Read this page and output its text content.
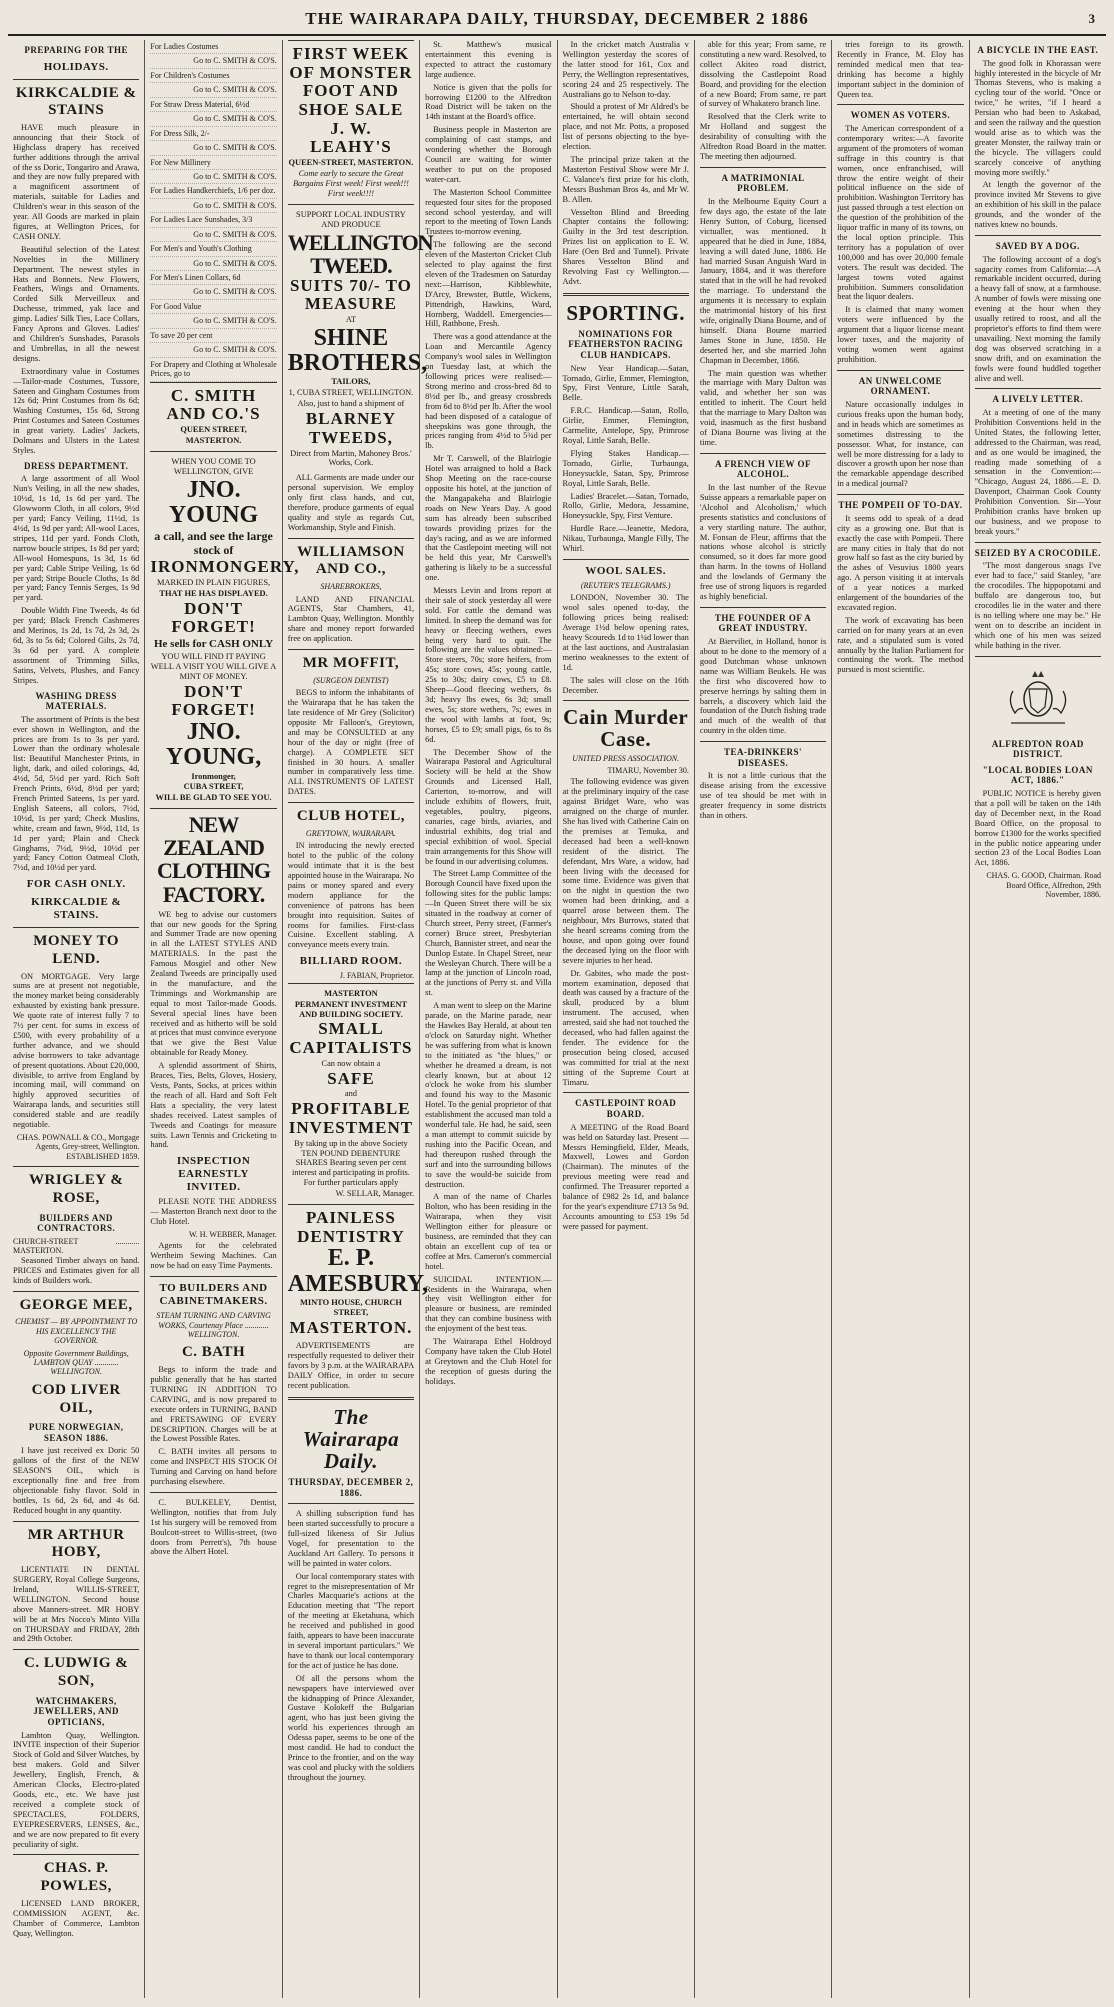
THE WAIRARAPA DAILY, THURSDAY, DECEMBER 2 1886	3
PREPARING FOR THE
HOLIDAYS.
KIRKCALDIE & STAINS

HAVE much pleasure in announcing that their Stock of Highclass drapery has received further additions through the arrival of the ss Doric, Tongariro and Arawa, and they are now fully prepared with a magnificent assortment of materials, suitable for Ladies and Children's wear in this season of the year. All Goods are marked in plain figures, at Wellington Prices, for CASH ONLY.

Beautiful selection of the Latest Novelties in the Millinery Department. The newest styles in Hats and Bonnets. New Flowers, Feathers, Wings and Ornaments. Corded Silk Merveilleux and Duchesse, trimmed, yak lace and gimp. Ladies' Silk Ties, Lace Collars, Fancy Aprons and Gloves. Ladies' and Children's Sunshades, Parasols and Umbrellas, in all the newest designs.

Extraordinary value in Costumes—Tailor-made Costumes, Tussore, Sateen and Gingham Costumes from 12s 6d; Print Costumes from 8s 6d; Washing Costumes, 15s 6d, Strong Print Costumes and Sateen Costumes in great variety. Ladies' Jackets, Dolmans and Ulsters in the Latest Styles.

DRESS DEPARTMENT.

A large assortment of all Wool Nun's Veiling, in all the new shades, 10½d, 1s 1d, 1s 6d per yard. The Glowworm Cloth, in all colors, 9½d per yard; Fancy Veiling, 11½d, 1s 4½d, 1s 9d per yard; All-wool Laces, stripes, 11d per yard. Fonds Cloth, narrow boucle stripes, 1s 8d per yard; All-wool Homespuns, 1s 3d, 1s 6d per yard; Cable Stripe Veiling, 1s 6d per yard; Stripe Boucle Cloths, 1s 8d per yard; Fancy Tennis Serges, 1s 9d per yard.

Double Width Fine Tweeds, 4s 6d per yard; Black French Cashmeres and Merinos, 1s 2d, 1s 7d, 2s 3d, 2s 6d, 3s to 5s 6d; Colored Gilts, 2s 7d, 3s 6d per yard. A complete assortment of Trimming Silks, Satins, Velvets, Plushes, and Fancy Stripes.

WASHING DRESS MATERIALS.

The assortment of Prints is the best ever shown in Wellington, and the prices are from 1s to 3s per yard. Lower than the ordinary wholesale list: Beautiful Manchester Prints, in light, dark, and oiled colorings, 4d, 4½d, 5d, 5½d per yard. Rich Soft French Prints, 6½d, 8½d per yard; French Printed Sateens, 1s per yard. English Sateens, all colors, 7½d, 10½d, 1s per yard; Check Muslins, white, cream and fawn, 9½d, 11d, 1s 1d per yard; Plain and Check Ginghams, 7½d, 9½d, 10½d per yard; Fancy Cotton Oatmeal Cloth, 7½d, and 10½d per yard.

FOR CASH ONLY.
KIRKCALDIE & STAINS.
MONEY TO LEND.

ON MORTGAGE. Very large sums are at present not negotiable, the money market being considerably exhausted by existing bank pressure. We quote rate of interest fully 7 to 7½ per cent. for sums in excess of £500, with every probability of a further advance, and we should advise borrowers to take advantage of present quotations. About £20,000, divisible, to arrive from England by incoming mail, will command on highly approved securities of Wairarapa lands, and securities still considered stable and are readily negotiable.

CHAS. POWNALL & CO., Mortgage Agents, Grey-street, Wellington. ESTABLISHED 1859.
WRIGLEY & ROSE,
BUILDERS AND CONTRACTORS.
CHURCH-STREET ............ MASTERTON.

Seasoned Timber always on hand. PRICES and Estimates given for all kinds of Builders work.

GEORGE MEE,
CHEMIST — BY APPOINTMENT TO HIS EXCELLENCY THE GOVERNOR.
Opposite Government Buildings, LAMBTON QUAY ............ WELLINGTON.
COD LIVER OIL,
PURE NORWEGIAN, SEASON 1886.

I have just received ex Doric 50 gallons of the first of the NEW SEASON'S OIL, which is exceptionally fine and free from objectionable fishy flavor. Sold in bottles, 1s 6d, 2s 6d, and 4s 6d. Reduced bought in any quantity.

MR ARTHUR HOBY,

LICENTIATE IN DENTAL SURGERY, Royal College Surgeons, Ireland, WILLIS-STREET, WELLINGTON. Second house above Manners-street. MR HOBY will be at Mrs Nocco's Minto Villa on THURSDAY and FRIDAY, 28th and 29th October.

C. LUDWIG & SON,
WATCHMAKERS, JEWELLERS, AND OPTICIANS,

Lambton Quay, Wellington. INVITE inspection of their Superior Stock of Gold and Silver Watches, by best makers. Gold and Silver Jewellery, English, French, & American Clocks, Electro-plated Goods, etc., etc. We have just received a complete stock of SPECTACLES, FOLDERS, EYEPRESERVERS, LENSES, &c., and we are now prepared to fit every peculiarity of sight.

CHAS. P. POWLES,

LICENSED LAND BROKER, COMMISSION AGENT, &c. Chamber of Commerce, Lambton Quay, Wellington.

For Ladies Costumes
Go to C. SMITH & CO'S.
For Children's Costumes
Go to C. SMITH & CO'S.
For Straw Dress Material, 6½d
Go to C. SMITH & CO'S.
For Dress Silk, 2/-
Go to C. SMITH & CO'S.
For New Millinery
Go to C. SMITH & CO'S.
For Ladies Handkerchiefs, 1/6 per doz.
Go to C. SMITH & CO'S.
For Ladies Lace Sunshades, 3/3
Go to C. SMITH & CO'S.
For Men's and Youth's Clothing
Go to C. SMITH & CO'S.
For Men's Linen Collars, 6d
Go to C. SMITH & CO'S.
For Good Value
Go to C. SMITH & CO'S.
To save 20 per cent
Go to C. SMITH & CO'S.
For Drapery and Clothing at Wholesale Prices, go to
C. SMITH AND CO.'S
QUEEN STREET,
MASTERTON.
WHEN YOU COME TO WELLINGTON, GIVE
JNO. YOUNG
a call, and see the large stock of
IRONMONGERY,
MARKED IN PLAIN FIGURES,
THAT HE HAS DISPLAYED.
DON'T FORGET!
He sells for CASH ONLY
YOU WILL FIND IT PAYING WELL A VISIT YOU WILL GIVE A MINT OF MONEY.
DON'T FORGET!
JNO. YOUNG,
Ironmonger,
CUBA STREET,
WILL BE GLAD TO SEE YOU.
NEW ZEALAND
CLOTHING FACTORY.

WE beg to advise our customers that our new goods for the Spring and Summer Trade are now opening in all the LATEST STYLES AND MATERIALS. In the past the Famous Mosgiel and other New Zealand Tweeds are principally used in the manufacture, and the Trimmings and Workmanship are equal to most Tailor-made Goods. Several special lines have been received and as hitherto will be sold at prices that must convince everyone that we give the Best Value obtainable for Ready Money.

A splendid assortment of Shirts, Braces, Ties, Belts, Gloves, Hosiery, Vests, Pants, Socks, at prices within the reach of all. Hard and Soft Felt Hats a speciality, the very latest shades received. Latest samples of Tweeds and Coatings for measure suits. Lawn Tennis and Cricketing to hand.

INSPECTION EARNESTLY INVITED.

PLEASE NOTE THE ADDRESS— Masterton Branch next door to the Club Hotel.

W. H. WEBBER, Manager.

Agents for the celebrated Wertheim Sewing Machines. Can now be had on easy Time Payments.

TO BUILDERS AND CABINETMAKERS.
STEAM TURNING AND CARVING WORKS, Courtenay Place ............ WELLINGTON.
C. BATH

Begs to inform the trade and public generally that he has started TURNING IN ADDITION TO CARVING, and is now prepared to execute orders in TURNING, BAND and FRETSAWING OF EVERY DESCRIPTION. Charges will be at the Lowest Possible Rates.

C. BATH invites all persons to come and INSPECT HIS STOCK Of Turning and Carving on hand before purchasing elsewhere.

C. BULKELEY, Dentist, Wellington, notifies that from July 1st his surgery will be removed from Boulcott-street to Willis-street, (two doors from Perrett's), 7th house above the Albert Hotel.

FIRST WEEK OF MONSTER FOOT AND SHOE SALE
J. W. LEAHY'S
QUEEN-STREET, MASTERTON.
Come early to secure the Great Bargains First week! First week!!! First week!!!!
SUPPORT LOCAL INDUSTRY AND PRODUCE
WELLINGTON TWEED.
SUITS 70/- TO MEASURE
AT
SHINE BROTHERS,
TAILORS,
1, CUBA STREET, WELLINGTON.
Also, just to hand a shipment of
BLARNEY TWEEDS,
Direct from Martin, Mahoney Bros.' Works, Cork.

ALL Garments are made under our personal supervision. We employ only first class hands, and cut, therefore, produce garments of equal quality and style as regards Cut, Workmanship, Style and Finish.

WILLIAMSON AND CO.,
SHAREBROKERS,

LAND AND FINANCIAL AGENTS, Star Chambers, 41, Lambton Quay, Wellington. Monthly share and money report forwarded free on application.

MR MOFFIT,
(SURGEON DENTIST)

BEGS to inform the inhabitants of the Wairarapa that he has taken the late residence of Mr Grey (Solicitor) opposite Mr Falloon's, Greytown, and may be CONSULTED at any hour of the day or night (free of charge). A COMPLETE SET finished in 30 hours. A smaller number in comparatively less time. ALL INSTRUMENTS OF LATEST DATES.

CLUB HOTEL,
GREYTOWN, WAIRARAPA.

IN introducing the newly erected hotel to the public of the colony would intimate that it is the best appointed house in the Wairarapa. No pains or money spared and every modern appliance for the convenience of patrons has been brought into requisition. Suites of rooms for families. First-class Cuisine. Excellent stabling. A conveyance meets every train.

BILLIARD ROOM.
J. FABIAN, Proprietor.
MASTERTON
PERMANENT INVESTMENT AND BUILDING SOCIETY.
SMALL CAPITALISTS
Can now obtain a
SAFE
and
PROFITABLE INVESTMENT
By taking up in the above Society TEN POUND DEBENTURE SHARES Bearing seven per cent interest and participating in profits. For further particulars apply
W. SELLAR, Manager.
PAINLESS DENTISTRY
E. P. AMESBURY,
MINTO HOUSE, CHURCH STREET,
MASTERTON.

ADVERTISEMENTS are respectfully requested to deliver their favors by 3 p.m. at the WAIRARAPA DAILY Office, in order to secure recent publication.

The Wairarapa Daily.
THURSDAY, DECEMBER 2, 1886.

A shilling subscription fund has been started successfully to procure a full-sized likeness of Sir Julius Vogel, for presentation to the Auckland Art Gallery. To persons it will be painted in water colors.

Our local contemporary states with regret to the misrepresentation of Mr Charles Macquarie's actions at the Education meeting that "The report of the meeting at Eketahuna, which he received and published in good faith, appears to have been inaccurate in several important particulars." We have to thank our local contemporary for the act of justice he has done.

Of all the persons whom the newspapers have interviewed over the kidnapping of Prince Alexander, Gustave Kolokeff the Bulgarian agent, who has just been giving the world his experiences through an Odessa paper, seems to be one of the most candid. He had to conduct the Prince to the frontier, and on the way was cool and plucky with the soldiers throughout the journey.

St. Matthew's musical entertainment this evening is expected to attract the customary large audience.

Notice is given that the polls for borrowing £1200 to the Alfredton Road District will be taken on the 14th instant at the Board's office.

Business people in Masterton are complaining of cast stamps, and wondering whether the Borough Council are waiting for winter weather to put on the proposed water-cart.

The Masterton School Committee requested four sites for the proposed second school yesterday, and will report to the meeting of Town Lands Trustees to-morrow evening.

The following are the second eleven of the Masterton Cricket Club selected to play against the first eleven of the Tradesmen on Saturday next:—Harrison, Kibblewhite, D'Arcy, Brewster, Buttle, Wickens, Pittendrigh, Hawkins, Ward, Hornberg, Waddell. Emergencies—Hill, Rathbone, Fresh.

There was a good attendance at the Loan and Mercantile Agency Company's wool sales in Wellington on Tuesday last, at which the following prices were realised:—Strong merino and cross-bred 8d to 8½d per lb., and greasy crossbreds from 6d to 8½d per lb. After the wool had been disposed of a catalogue of sheepskins was gone through, the prices ranging from 4½d to 5¾d per lb.

Mr T. Carswell, of the Blairlogie Hotel was arraigned to hold a Back Shop Meeting on the race-course opposite his hotel, at the junction of the Mangapakeha and Blairlogie roads on New Years Day. A good sum has already been subscribed towards providing prizes for the day's racing, and as we are informed that the Castlepoint meeting will not be held this year, Mr Carswell's gathering is likely to be a successful one.

Messrs Levin and Irons report at their sale of stock yesterday all were sold. For cattle the demand was limited. In sheep the demand was for heavy or fleecing wethers, ewes being very hard to quit. The following are the values obtained:—Store steers, 70s; store heifers, from 45s; store cows, 45s; young cattle, 25s to 30s; dairy cows, £5 to £8. Sheep—Good fleecing wethers, 8s 3d; heavy lbs ewes, 6s 3d; small ewes, 5s; store wethers, 7s; ewes in the wool with lambs at foot, 9s; horses, £5 to £9; small pigs, 6s to 8s 6d.

The December Show of the Wairarapa Pastoral and Agricultural Society will be held at the Show Grounds and Licensed Hall, Carterton, to-morrow, and will include exhibits of flowers, fruit, vegetables, poultry, pigeons, canaries, cage birds, aviaries, and industrial exhibits, dog trial and special exhibition of wool. Special train arrangements for this Show will be found in our advertising columns.

The Street Lamp Committee of the Borough Council have fixed upon the following sites for the public lamps:—In Queen Street there will be six situated in the roadway at corner of Church street, Perry street, (Farmer's corner) Bruce street, Presbyterian Church, Bannister street, and near the Dunlop Estate. In Chapel Street, near the Wesleyan Church. There will be a lamp at the junction of Lincoln road, at the junctions of Perry st. and Villa st.

A man went to sleep on the Marine parade, on the Marine parade, near the Hawkes Bay Herald, at about ten o'clock on Saturday night. Whether he was suffering from what is known to the initiated as "the blues," or whether he dreamed a dream, is not clearly known, but at about 12 o'clock he woke from his slumber and found his way to the Masonic Hotel. To the genial proprietor of that establishment the accused man told a wonderful tale. He had, he said, seen a man attempt to commit suicide by rushing into the Pacific Ocean, and had thereupon rushed through the surf and into the surrounding billows to save the would-be suicide from destruction.

A man of the name of Charles Bolton, who has been residing in the Wairarapa, when they visit Wellington either for pleasure or business, are reminded that they can obtain an excellent cup of tea or coffee at Mrs. Cameron's commercial hotel.

SUICIDAL INTENTION.—Residents in the Wairarapa, when they visit Wellington either for pleasure or business, are reminded that they can combine business with the enjoyment of the best teas.

The Wairarapa Ethel Holdroyd Company have taken the Club Hotel at Greytown and the Club Hotel for the reception of guests during the holidays.

In the cricket match Australia v Wellington yesterday the scores of the latter stood for 161, Cox and Perry, the Wellington representatives, scoring 24 and 25 respectively. The Australians go to Nelson to-day.

Should a protest of Mr Aldred's be entertained, he will obtain second place, and not Mr. Potts, a proposed list of persons objecting to the bye-election.

The principal prize taken at the Masterton Festival Show were Mr J. C. Valance's first prize for his cloth, Messrs Bushman Bros 4s, and Mr W. B. Allen.

Vesselton Blind and Breeding Chapter contains the following: Guilty in the 3rd test description. Prizes list on application to E. W. Hare (Oen Brd and Tunnel). Private Shares Vesselton Blind and Revolving Fast cy Wellington.—Advt.

SPORTING.
NOMINATIONS FOR FEATHERSTON RACING CLUB HANDICAPS.

New Year Handicap.—Satan, Tornado, Girlie, Emmer, Flemington, Spy, First Venture, Little Sarah, Belle.

F.R.C. Handicap.—Satan, Rollo, Girlie, Emmer, Flemington, Carmelite, Antelope, Spy, Primrose Royal, Little Sarah, Belle.

Flying Stakes Handicap.—Tornado, Girlie, Turbaunga, Honeysuckle, Satan, Spy, Primrose Royal, Little Sarah, Belle.

Ladies' Bracelet.—Satan, Tornado, Rollo, Girlie, Medora, Jessamine, Honeysuckle, Spy, First Venture.

Hurdle Race.—Jeanette, Medora, Nikau, Turbaunga, Mangle Filly, The Whirl.

WOOL SALES.
(REUTER'S TELEGRAMS.)

LONDON, November 30. The wool sales opened to-day, the following prices being realised: Average 1½d below opening rates, heavy Scoureds 1d to 1¼d lower than at the last auctions, and Australasian merino weaknesses to the extent of 1d.

The sales will close on the 16th December.

Cain Murder Case.
UNITED PRESS ASSOCIATION.
TIMARU, November 30.

The following evidence was given at the preliminary inquiry of the case against Bridget Ware, who was arraigned on the charge of murder. She has lived with Catherine Cain on the premises at Temuka, and deceased had been a well-known resident of the district. The defendant, Mrs Ware, a widow, had been living with the deceased for some time. Evidence was given that on the night in question the two women had been drinking, and a quarrel arose between them. The neighbour, Mrs Burrows, stated that she heard screams coming from the house, and upon going over found the deceased lying on the floor with severe injuries to her head.

Dr. Gabites, who made the post-mortem examination, deposed that death was caused by a fracture of the skull, produced by a blunt instrument. The accused, when arrested, said she had not touched the deceased, who had fallen against the fender. The evidence for the prosecution being closed, accused was committed for trial at the next sitting of the Supreme Court at Timaru.

CASTLEPOINT ROAD BOARD.

A MEETING of the Road Board was held on Saturday last. Present — Messrs Hemingfield, Elder, Meads, Maxwell, Lowes and Gordon (Chairman). The minutes of the previous meeting were read and confirmed. The Treasurer reported a balance of £982 2s 1d, and balance for the year's expenditure £713 5s 9d. Accounts amounting to £53 19s 5d were passed for payment.

able for this year; From same, re constituting a new ward. Resolved, to collect Akiteo road district, dissolving the Castlepoint Road Board, and providing for the election of a new Board; From same, re part of survey of Whakatero branch line.

Resolved that the Clerk write to Mr Holland and suggest the desirability of consulting with the Alfredton Road Board in the matter. The meeting then adjourned.

A MATRIMONIAL PROBLEM.

In the Melbourne Equity Court a few days ago, the estate of the late Henry Sutton, of Coburg, licensed victualler, was mentioned. It appeared that he died in June, 1884, leaving a will dated June, 1886. He had married Susan Anguish Ward in January, 1884, and it was therefore stated that in the will he had revoked the marriage. To understand the arguments it is necessary to explain the matrimonial history of his first wife, originally Diana Bourne, and of himself. Diana Bourne married James Stone in June, 1850. He deserted her, and she married John Chapman in December, 1866.

The main question was whether the marriage with Mary Dalton was valid, and whether her son was entitled to inherit. The Court held that the marriage to Mary Dalton was void, inasmuch as the first husband of Diana Bourne was living at the time.

A FRENCH VIEW OF ALCOHOL.

In the last number of the Revue Suisse appears a remarkable paper on 'Alcohol and Alcoholism,' which presents statistics and conclusions of a very startling nature. The author, M. Fonsan de Fleur, affirms that the nations whose alcohol is strictly consumed, so it does far more good than harm. In the towns of Holland and the lowlands of Germany the free use of strong liquors is regarded as highly beneficial.

THE FOUNDER OF A GREAT INDUSTRY.

At Bierviliet, in Holland, honor is about to be done to the memory of a good Dutchman whose unknown name was William Beukels. He was the first who discovered how to preserve herrings by salting them in barrels, a discovery which laid the foundation of the Dutch fishing trade and much of the wealth of that country in the olden time.

TEA-DRINKERS' DISEASES.

It is not a little curious that the disease arising from the excessive use of tea should be met with in greater frequency in some districts than in others.

tries foreign to its growth. Recently in France, M. Eloy has reminded medical men that tea-drinking has become a highly important subject in the dominion of Queen tea.

WOMEN AS VOTERS.

The American correspondent of a contemporary writes:—A favorite argument of the promoters of woman suffrage in this country is that women, once enfranchised, will throw the entire weight of their political influence on the side of prohibition. Washington Territory has just passed through a test election on the question of the prohibition of the liquor traffic in many of its towns, on the local option principle. This territory has a population of over 100,000 and has over 20,000 female voters. The result was decided. The largest towns voted against prohibition. Summers consolidation beat the liquor dealers.

It is claimed that many women voters were influenced by the argument that a liquor license meant lower taxes, and the majority of voting women went against prohibition.

AN UNWELCOME ORNAMENT.

Nature occasionally indulges in curious freaks upon the human body, and in heads which are sometimes as sometimes distressing to the possessor. What, for instance, can well be more distressing for a lady to discover a growth upon her nose than the remarkable appendage described in a medical journal?

THE POMPEII OF TO-DAY.

It seems odd to speak of a dead city as a growing one. But that is exactly the case with Pompeii. There are many cities in Italy that do not grow half so fast as the city buried by the ashes of Vesuvius 1800 years ago. A person visiting it at intervals of a year notices a marked enlargement of the boundaries of the excavated region.

The work of excavating has been carried on for many years at an even rate, and a stipulated sum is voted annually by the Italian Parliament for continuing the work. The method pursued is most scientific.

A BICYCLE IN THE EAST.

The good folk in Khorassan were highly interested in the bicycle of Mr Thomas Stevens, who is making a cycling tour of the world. "Once or twice," he writes, "if I heard a Persian who had been to Askabad, and seen the railway and the question would arise as to which was the greater Monster, the railway train or the bicycle. The villagers could scarcely conceive of anything moving more swiftly."

At length the governor of the province invited Mr Stevens to give an exhibition of his skill in the palace grounds, and the wonder of the natives knew no bounds.

SAVED BY A DOG.

The following account of a dog's sagacity comes from California:—A remarkable incident occurred, during a heavy fall of snow, at a farmhouse. A number of fowls were missing one evening at the hour when they usually retired to roost, and all the proprietor's efforts to find them were unavailing. Next morning the family dog was observed scratching in a snow drift, and on examination the fowls were found huddled together alive and well.

A LIVELY LETTER.

At a meeting of one of the many Prohibition Conventions held in the United States, the following letter, addressed to the Chairman, was read, and as one would be imagined, the reading made something of a sensation in the Convention:— "Chicago, August 24, 1886.—E. D. Davenport, Chairman Cook County Prohibition Convention. Sir—Your Prohibition cranks have broken up our business, and we propose to break yours."

SEIZED BY A CROCODILE.

"The most dangerous snags I've ever had to face," said Stanley, "are the crocodiles. The hippopotami and buffalo are dangerous too, but crocodiles lie in the water and there is no telling where one may be." He went on to describe an incident in which one of his men was seized while bathing in the river.

ALFREDTON ROAD DISTRICT.
"LOCAL BODIES LOAN ACT, 1886."

PUBLIC NOTICE is hereby given that a poll will be taken on the 14th day of December next, in the Road Board Office, on the proposal to borrow £1300 for the works specified in the public notice appearing under section 23 of the Local Bodies Loan Act, 1886.

CHAS. G. GOOD, Chairman. Road Board Office, Alfredton, 29th November, 1886.
